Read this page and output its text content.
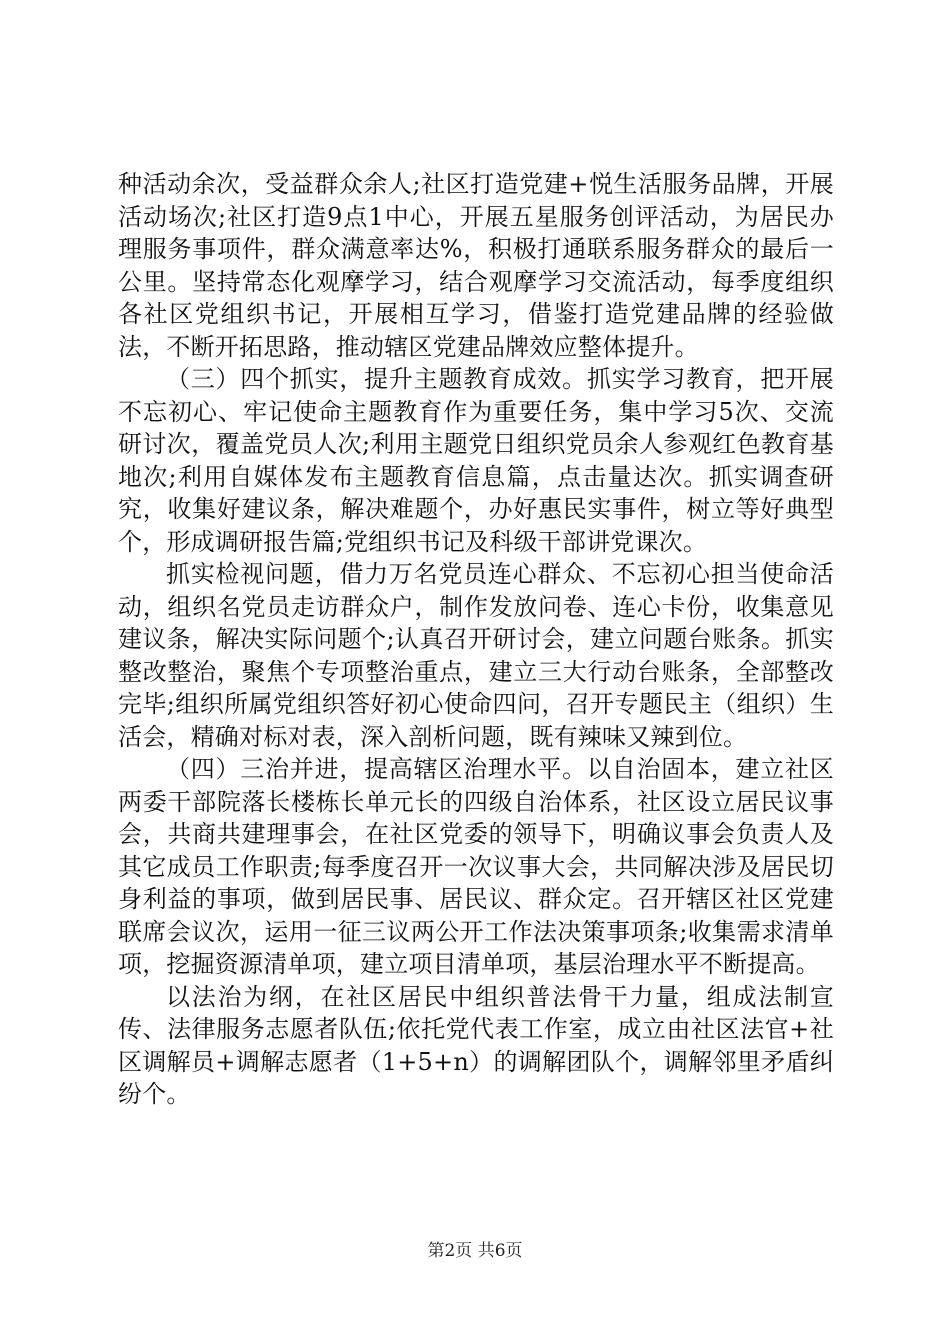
种活动余次，受益群众余人;社区打造党建+悦生活服务品牌，开展活动场次;社区打造9点1中心，开展五星服务创评活动，为居民办理服务事项件，群众满意率达%，积极打通联系服务群众的最后一公里。坚持常态化观摩学习，结合观摩学习交流活动，每季度组织各社区党组织书记，开展相互学习，借鉴打造党建品牌的经验做法，不断开拓思路，推动辖区党建品牌效应整体提升。

（三）四个抓实，提升主题教育成效。抓实学习教育，把开展不忘初心、牢记使命主题教育作为重要任务，集中学习5次、交流研讨次，覆盖党员人次;利用主题党日组织党员余人参观红色教育基地次;利用自媒体发布主题教育信息篇，点击量达次。抓实调查研究，收集好建议条，解决难题个，办好惠民实事件，树立等好典型个，形成调研报告篇;党组织书记及科级干部讲党课次。

抓实检视问题，借力万名党员连心群众、不忘初心担当使命活动，组织名党员走访群众户，制作发放问卷、连心卡份，收集意见建议条，解决实际问题个;认真召开研讨会，建立问题台账条。抓实整改整治，聚焦个专项整治重点，建立三大行动台账条，全部整改完毕;组织所属党组织答好初心使命四问，召开专题民主（组织）生活会，精确对标对表，深入剖析问题，既有辣味又辣到位。

（四）三治并进，提高辖区治理水平。以自治固本，建立社区两委干部院落长楼栋长单元长的四级自治体系，社区设立居民议事会，共商共建理事会，在社区党委的领导下，明确议事会负责人及其它成员工作职责;每季度召开一次议事大会，共同解决涉及居民切身利益的事项，做到居民事、居民议、群众定。召开辖区社区党建联席会议次，运用一征三议两公开工作法决策事项条;收集需求清单项，挖掘资源清单项，建立项目清单项，基层治理水平不断提高。

以法治为纲，在社区居民中组织普法骨干力量，组成法制宣传、法律服务志愿者队伍;依托党代表工作室，成立由社区法官+社区调解员+调解志愿者（1+5+n）的调解团队个，调解邻里矛盾纠纷个。

第2页 共6页
